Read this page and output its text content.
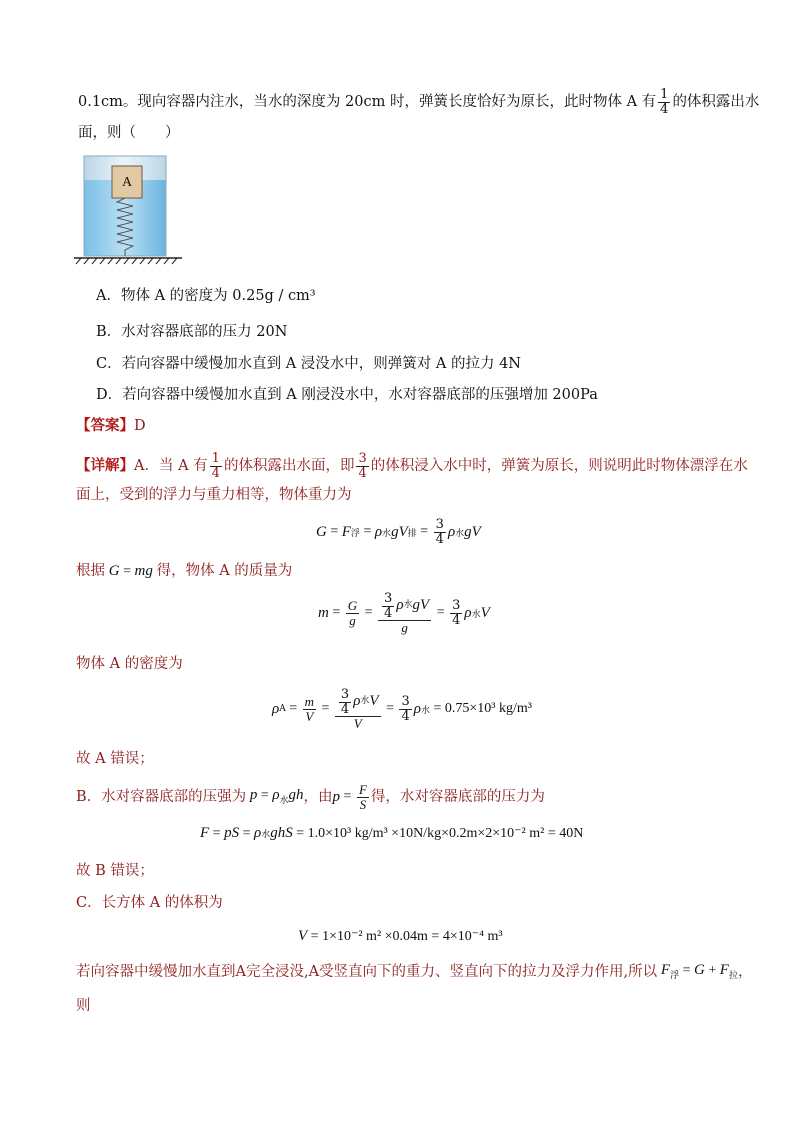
0.1cm。现向容器内注水，当水的深度为 20cm 时，弹簧长度恰好为原长，此时物体 A 有 $\frac{1}{4}$ 的体积露出水
面，则（　　）
A
A．物体 A 的密度为 0.25g / cm³
B．水对容器底部的压力 20N
C．若向容器中缓慢加水直到 A 浸没水中，则弹簧对 A 的拉力 4N
D．若向容器中缓慢加水直到 A 刚浸没水中，水对容器底部的压强增加 200Pa
【答案】D
【详解】 A．当 A 有 $\frac{1}{4}$ 的体积露出水面，即 $\frac{3}{4}$ 的体积浸入水中时，弹簧为原长，则说明此时物体漂浮在水
面上，受到的浮力与重力相等，物体重力为
G = F 浮 = ρ 水 gV 排 = $\frac{3}{4}$ ρ 水 gV
根据 G = mg 得，物体 A 的质量为
$m = \frac{G}{g} = \frac{\frac{3}{4} \rho 水 gV}{g} = \frac{3}{4}$ ρ 水 V
物体 A 的密度为
ρ $A = \frac{m}{V} = \frac{\frac{3}{4} \rho 水 V}{V} = \frac{3}{4}$ ρ 水 = 0.75×10³ kg/m³
故 A 错误；
B．水对容器底部的压强为 $p = \rho_水gh$ ，由 $p = \frac{F}{S}$ 得，水对容器底部的压力为
F = pS = ρ 水 ghS
= 1.0×10³ kg/m³ ×10N/kg×0.2m×2×10⁻² m² = 40N
故 B 错误；
C．长方体 A 的体积为
V
= 1×10⁻² m² ×0.04m = 4×10⁻⁴ m³
若向容器中缓慢加水直到A完全浸没,A受竖直向下的重力、竖直向下的拉力及浮力作用,所以 $F_浮 = G + F_拉$ ，
则
